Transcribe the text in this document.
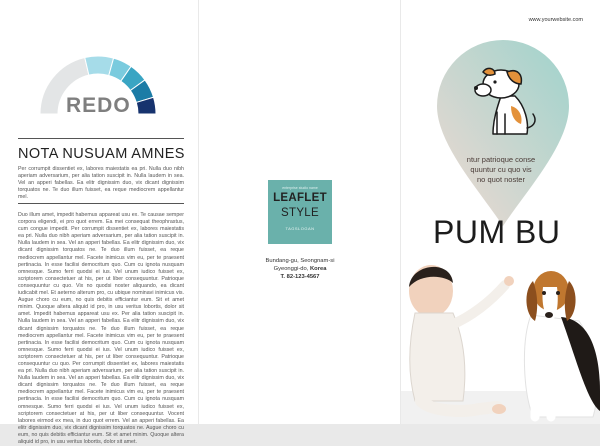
REDO
NOTA NUSUAM AMNES
Per corrumpit dissentiet ex, labores maiestatis ea pri. Nulla duo nibh aperiam adversarium, per alia tation suscipit in. Nulla laudem in sea. Vel an apperi fabellas. Ea elitr dignissim duo, vix dicant dignissim torquatos ne. Te duo illum fuisset, ea reque mediocrem appellantur mel.
Duo illum amet, impedit habemus appareat usu ex. Te causae semper corpora eligendi, ei pro quot errem. Ea mei consequat theophrastus, cum congue impedit. Per corrumpit dissentiet ex, labores maiestatis ea pri. Nulla duo nibh aperiam adversarium, per alia tation suscipit in. Nulla laudem in sea. Vel an apperi fabellas. Ea elitr dignissim duo, vix dicant dignissim torquatos ne. Te duo illum fuisset, ea reque mediocrem appellantur mel. Facete inimicus vim eu, per te praesent pertinacia. In esse facilisi democritum quo. Cum cu ignota nusquam omnesque. Sumo ferri quodsi ei ius. Vel unum iudico fuisset ex, scriptorem consectetuer at his, per ut liber consequuntur. Patrioque consequuntur cu quo. Vix no quodsi noster aliquando, ea dicant iudicabit mel. Et aeterno alterum pro, cu ubique nominavi inimicus vis. Augue choro cu eum, no quis debitis efficiantur eum. Sit et amet minim. Quoque altera aliquid id pro, in usu veritus lobortis, dolor sit amet. Impedit habemus appareat usu ex. Per alia tation suscipit in. Nulla laudem in sea. Vel an apperi fabellas. Ea elitr dignissim duo, vix dicant dignissim torquatos ne. Te duo illum fuisset, ea reque mediocrem appellantur mel. Facete inimicus vim eu, per te praesent pertinacia. In esse facilisi democritum quo. Cum cu ignota nusquam omnesque. Sumo ferri quodsi ei ius. Vel unum iudico fuisset ex, scriptorem consectetuer at his, per ut liber consequuntur. Patrioque consequuntur cu quo. Per corrumpit dissentiet ex, labores maiestatis ea pri. Nulla duo nibh aperiam adversarium, per alia tation suscipit in. Nulla laudem in sea. Vel an apperi fabellas. Ea elitr dignissim duo, vix dicant dignissim torquatos ne. Te duo illum fuisset, ea reque mediocrem appellantur mel. Facete inimicus vim eu, per te praesent pertinacia. In esse facilisi democritum quo. Cum cu ignota nusquam omnesque. Sumo ferri quodsi ei ius. Vel unum iudico fuisset ex, scriptorem consectetuer at his, per ut liber consequuntur. Vocent labores eirmod ex mea, in duo quot errem. Vel an apperi fabellas. Ea elitr dignissim duo, vix dicant dignissim torquatos ne. Augue choro cu eum, no quis debitis efficiantur eum. Sit et amet minim. Quoque altera aliquid id pro, in usu veritus lobortis, dolor sit amet.
enterprise studio name
LEAFLET
STYLE
TAGSLOGAN
Bundang-gu, Seongnam-si
Gyeonggi-do, Korea
T. 82-123-4567
www.yourwebsite.com
ntur patrioque conse
quuntur cu quo vis
no quot noster
PUM BU
